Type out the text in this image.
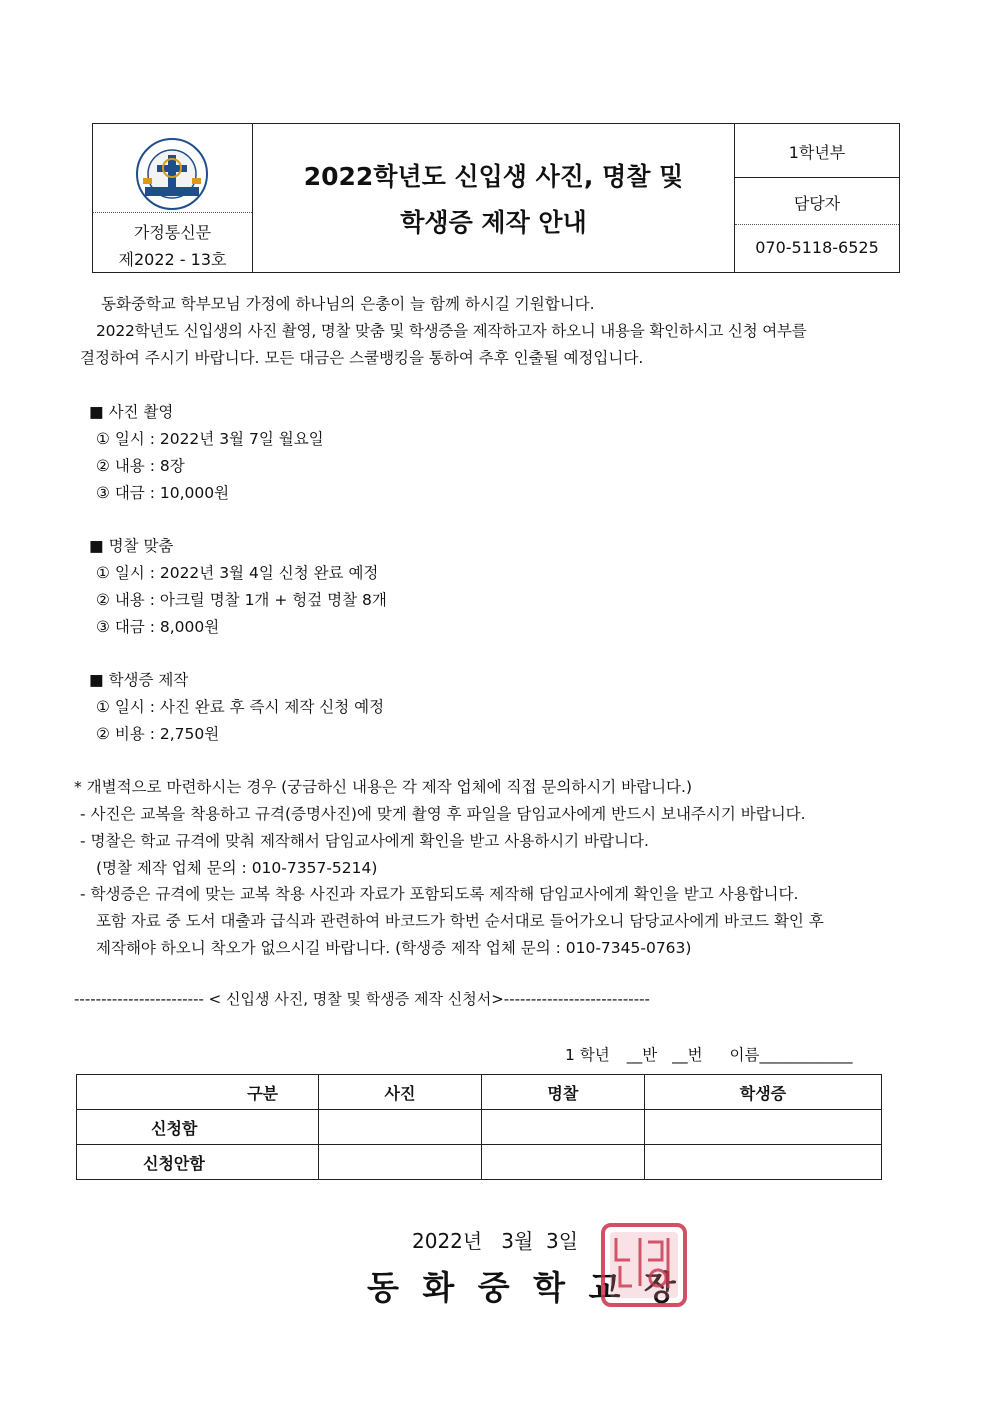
가정통신문
제2022 - 13호
2022학년도 신입생 사진, 명찰 및
학생증 제작 안내
1학년부
담당자
070-5118-6525
동화중학교 학부모님 가정에 하나님의 은총이 늘 함께 하시길 기원합니다.
2022학년도 신입생의 사진 촬영, 명찰 맞춤 및 학생증을 제작하고자 하오니 내용을 확인하시고 신청 여부를
결정하여 주시기 바랍니다. 모든 대금은 스쿨뱅킹을 통하여 추후 인출될 예정입니다.
■ 사진 촬영
① 일시 : 2022년 3월 7일 월요일
② 내용 : 8장
③ 대금 : 10,000원
■ 명찰 맞춤
① 일시 : 2022년 3월 4일 신청 완료 예정
② 내용 : 아크릴 명찰 1개 + 헝겊 명찰 8개
③ 대금 : 8,000원
■ 학생증 제작
① 일시 : 사진 완료 후 즉시 제작 신청 예정
② 비용 : 2,750원
* 개별적으로 마련하시는 경우 (궁금하신 내용은 각 제작 업체에 직접 문의하시기 바랍니다.)
- 사진은 교복을 착용하고 규격(증명사진)에 맞게 촬영 후 파일을 담임교사에게 반드시 보내주시기 바랍니다.
- 명찰은 학교 규격에 맞춰 제작해서 담임교사에게 확인을 받고 사용하시기 바랍니다.
(명찰 제작 업체 문의 : 010-7357-5214)
- 학생증은 규격에 맞는 교복 착용 사진과 자료가 포함되도록 제작해 담임교사에게 확인을 받고 사용합니다.
포함 자료 중 도서 대출과 급식과 관련하여 바코드가 학번 순서대로 들어가오니 담당교사에게 바코드 확인 후
제작해야 하오니 착오가 없으시길 바랍니다. (학생증 제작 업체 문의 : 010-7345-0763)
------------------------ < 신입생 사진, 명찰 및 학생증 제작 신청서>---------------------------
1 학년 __반 __번 이름____________
구분	사진	명찰	학생증
신청함			
신청안함			
2022년   3월  3일
동 화 중 학 교 장
